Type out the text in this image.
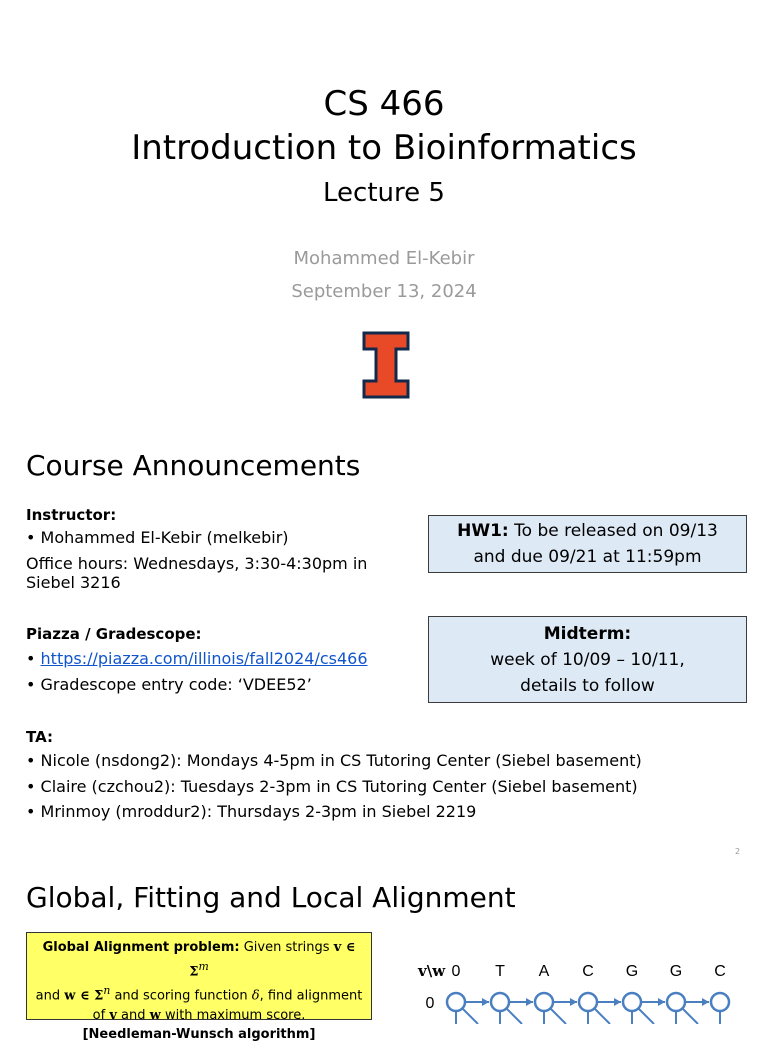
CS 466
Introduction to Bioinformatics
Lecture 5
Mohammed El-Kebir
September 13, 2024
Course Announcements
Instructor:
• Mohammed El-Kebir (melkebir)
Office hours: Wednesdays, 3:30-4:30pm in
Siebel 3216
Piazza / Gradescope:
• https://piazza.com/illinois/fall2024/cs466
• Gradescope entry code: ‘VDEE52’
TA:
• Nicole (nsdong2): Mondays 4-5pm in CS Tutoring Center (Siebel basement)
• Claire (czchou2): Tuesdays 2-3pm in CS Tutoring Center (Siebel basement)
• Mrinmoy (mroddur2): Thursdays 2-3pm in Siebel 2219
HW1: To be released on 09/13
and due 09/21 at 11:59pm
Midterm:
week of 10/09 – 10/11,
details to follow
2
Global, Fitting and Local Alignment
Global Alignment problem: Given strings 𝐯 ∈ $\Sigma^m$
and 𝐰 ∈ $\Sigma^n$ and scoring function δ, find alignment
of 𝐯 and 𝐰 with maximum score.
[Needleman-Wunsch algorithm]
v\w 0 T A C G G C
0
